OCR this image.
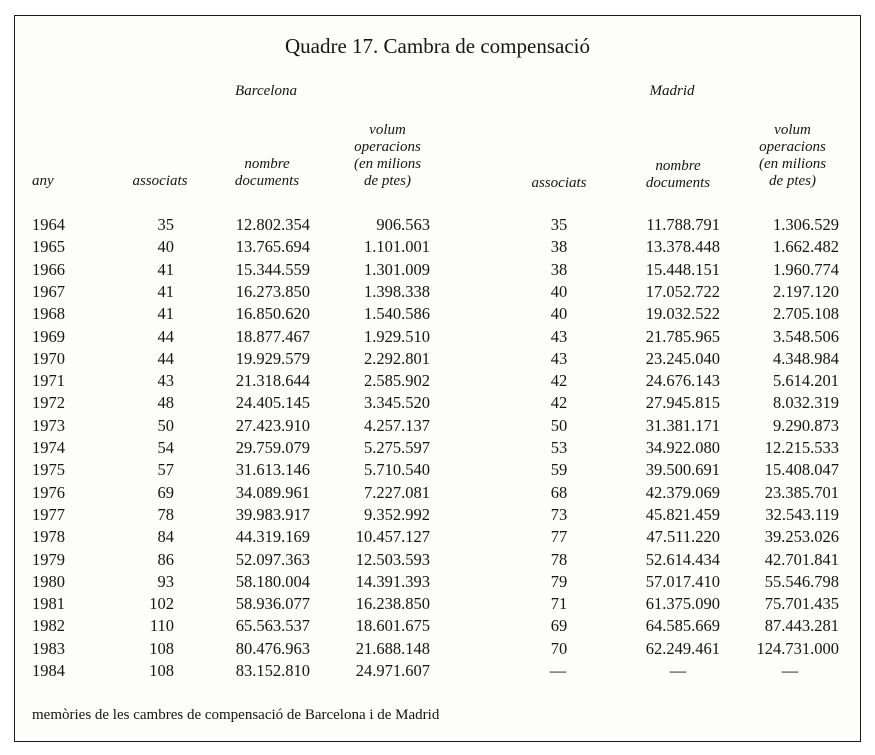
Quadre 17. Cambra de compensació
Barcelona	Madrid
any	associats
nombre
documents
volum
operacions
(en milions
de ptes)	associats
nombre
documents
volum
operacions
(en milions
de ptes)
1964	35	12.802.354	906.563	35	11.788.791	1.306.529
1965	40	13.765.694	1.101.001	38	13.378.448	1.662.482
1966	41	15.344.559	1.301.009	38	15.448.151	1.960.774
1967	41	16.273.850	1.398.338	40	17.052.722	2.197.120
1968	41	16.850.620	1.540.586	40	19.032.522	2.705.108
1969	44	18.877.467	1.929.510	43	21.785.965	3.548.506
1970	44	19.929.579	2.292.801	43	23.245.040	4.348.984
1971	43	21.318.644	2.585.902	42	24.676.143	5.614.201
1972	48	24.405.145	3.345.520	42	27.945.815	8.032.319
1973	50	27.423.910	4.257.137	50	31.381.171	9.290.873
1974	54	29.759.079	5.275.597	53	34.922.080	12.215.533
1975	57	31.613.146	5.710.540	59	39.500.691	15.408.047
1976	69	34.089.961	7.227.081	68	42.379.069	23.385.701
1977	78	39.983.917	9.352.992	73	45.821.459	32.543.119
1978	84	44.319.169	10.457.127	77	47.511.220	39.253.026
1979	86	52.097.363	12.503.593	78	52.614.434	42.701.841
1980	93	58.180.004	14.391.393	79	57.017.410	55.546.798
1981	102	58.936.077	16.238.850	71	61.375.090	75.701.435
1982	110	65.563.537	18.601.675	69	64.585.669	87.443.281
1983	108	80.476.963	21.688.148	70	62.249.461 124.731.000
1984	108	83.152.810	24.971.607	—	—	—
memòries de les cambres de compensació de Barcelona i de Madrid
